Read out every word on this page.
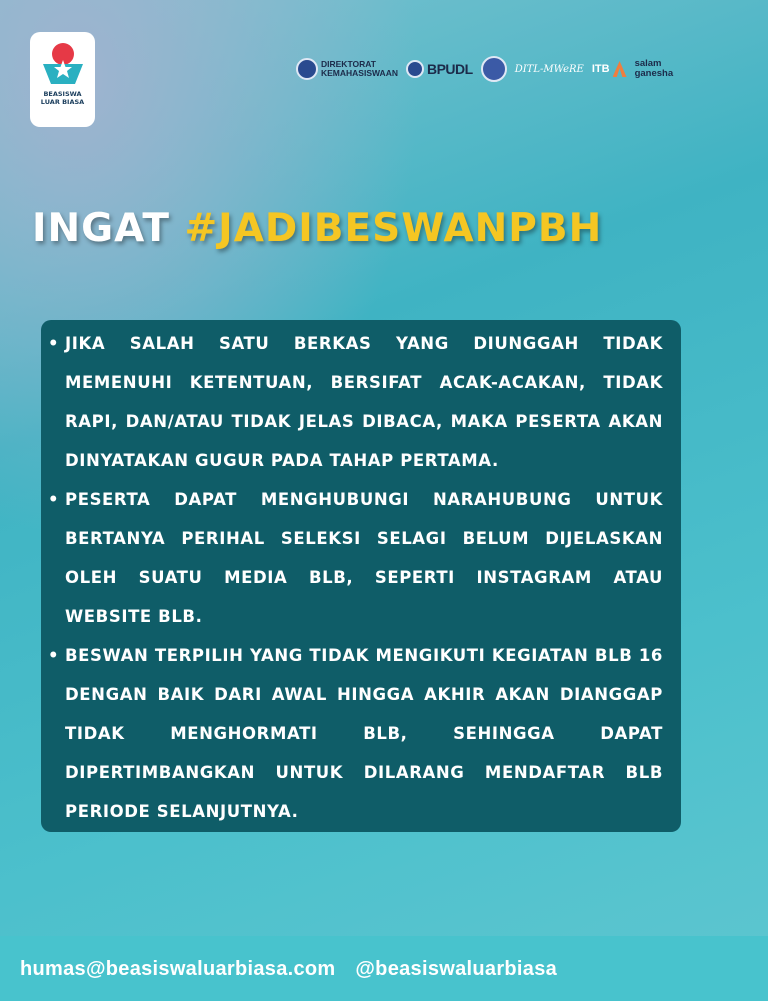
BEASISWA
LUAR BIASA
DIREKTORAT
KEMAHASISWAAN BPUDL	DITL-MWeRE ITB	salam
ganesha
INGAT #JADIBESWANPBH
• JIKA SALAH SATU BERKAS YANG DIUNGGAH TIDAK MEMENUHI KETENTUAN, BERSIFAT ACAK-ACAKAN, TIDAK RAPI, DAN/ATAU TIDAK JELAS DIBACA, MAKA PESERTA AKAN DINYATAKAN GUGUR PADA TAHAP PERTAMA.
• PESERTA DAPAT MENGHUBUNGI NARAHUBUNG UNTUK BERTANYA PERIHAL SELEKSI SELAGI BELUM DIJELASKAN OLEH SUATU MEDIA BLB, SEPERTI INSTAGRAM ATAU WEBSITE BLB.
• BESWAN TERPILIH YANG TIDAK MENGIKUTI KEGIATAN BLB 16 DENGAN BAIK DARI AWAL HINGGA AKHIR AKAN DIANGGAP TIDAK MENGHORMATI BLB, SEHINGGA DAPAT DIPERTIMBANGKAN UNTUK DILARANG MENDAFTAR BLB PERIODE SELANJUTNYA.
humas@beasiswaluarbiasa.com @beasiswaluarbiasa
